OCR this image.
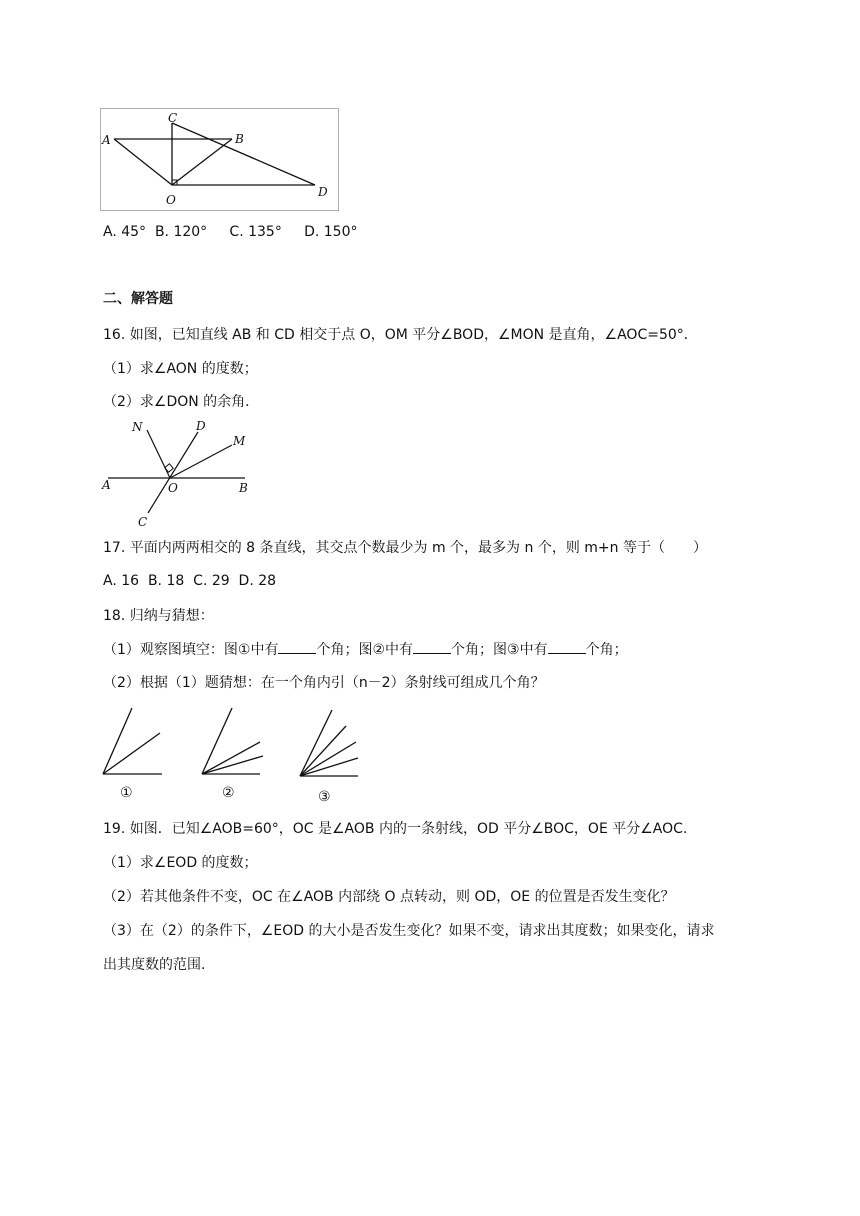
A	B
C
D
O
A. 45°  B. 120°     C. 135°     D. 150°
二、解答题
16. 如图，已知直线 AB 和 CD 相交于点 O，OM 平分∠BOD，∠MON 是直角，∠AOC=50°．
（1）求∠AON 的度数；
（2）求∠DON 的余角．
N	D
M
A	O	B
C
17. 平面内两两相交的 8 条直线，其交点个数最少为 m 个，最多为 n 个，则 m+n 等于（　　）
A. 16  B. 18  C. 29  D. 28
18. 归纳与猜想：
（1）观察图填空：图①中有	个角；图②中有	个角；图③中有	个角；
（2）根据（1）题猜想：在一个角内引（n－2）条射线可组成几个角？
①	②	③
19. 如图．已知∠AOB=60°，OC 是∠AOB 内的一条射线，OD 平分∠BOC，OE 平分∠AOC.
（1）求∠EOD 的度数；
（2）若其他条件不变，OC 在∠AOB 内部绕 O 点转动，则 OD，OE 的位置是否发生变化？
（3）在（2）的条件下，∠EOD 的大小是否发生变化？如果不变，请求出其度数；如果变化，请求
出其度数的范围.
